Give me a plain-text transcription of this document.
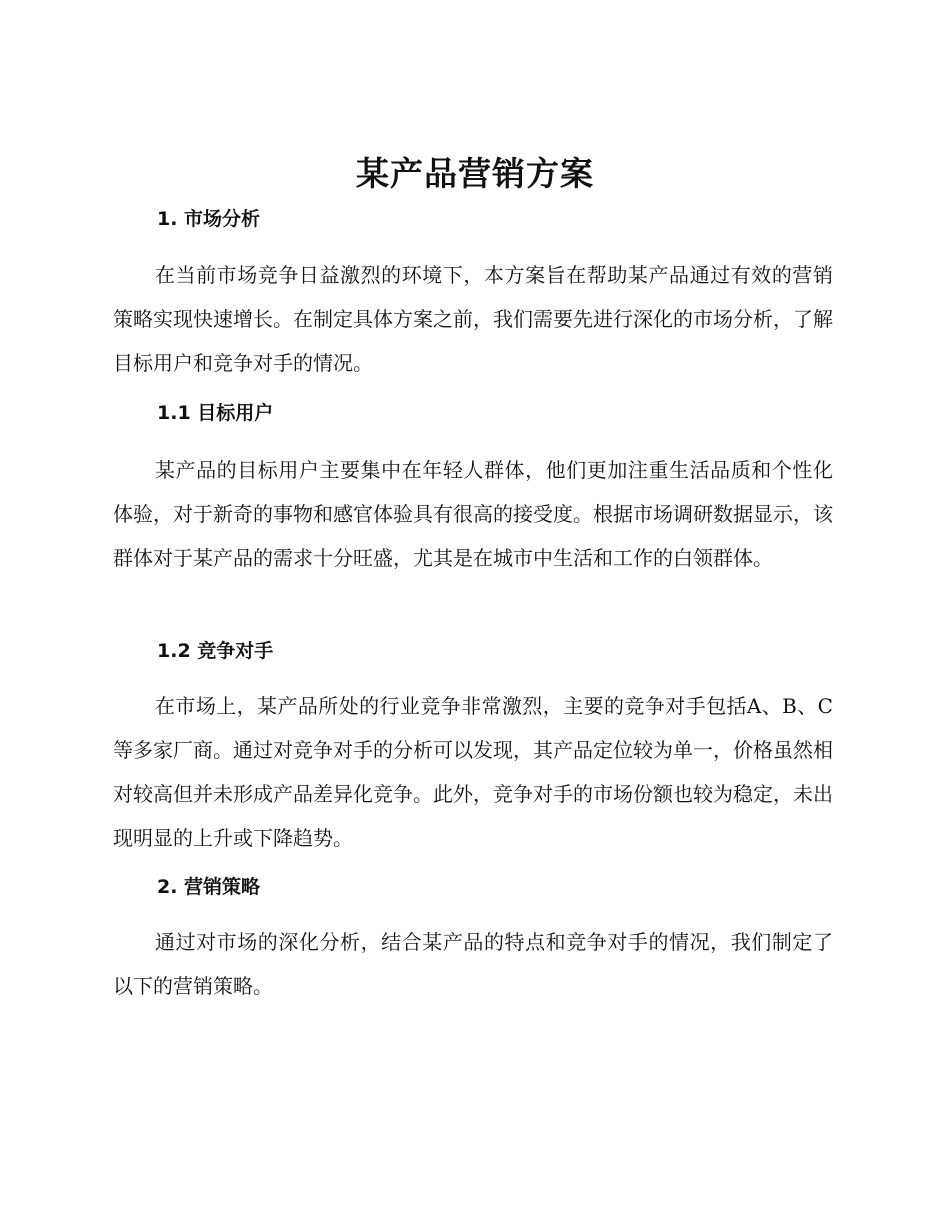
某产品营销方案
1. 市场分析

在当前市场竞争日益激烈的环境下，本方案旨在帮助某产品通过有效的营销策略实现快速增长。在制定具体方案之前，我们需要先进行深化的市场分析，了解目标用户和竞争对手的情况。

1.1 目标用户

某产品的目标用户主要集中在年轻人群体，他们更加注重生活品质和个性化体验，对于新奇的事物和感官体验具有很高的接受度。根据市场调研数据显示，该群体对于某产品的需求十分旺盛，尤其是在城市中生活和工作的白领群体。

1.2 竞争对手

在市场上，某产品所处的行业竞争非常激烈，主要的竞争对手包括A、B、C等多家厂商。通过对竞争对手的分析可以发现，其产品定位较为单一，价格虽然相对较高但并未形成产品差异化竞争。此外，竞争对手的市场份额也较为稳定，未出现明显的上升或下降趋势。

2. 营销策略

通过对市场的深化分析，结合某产品的特点和竞争对手的情况，我们制定了以下的营销策略。
